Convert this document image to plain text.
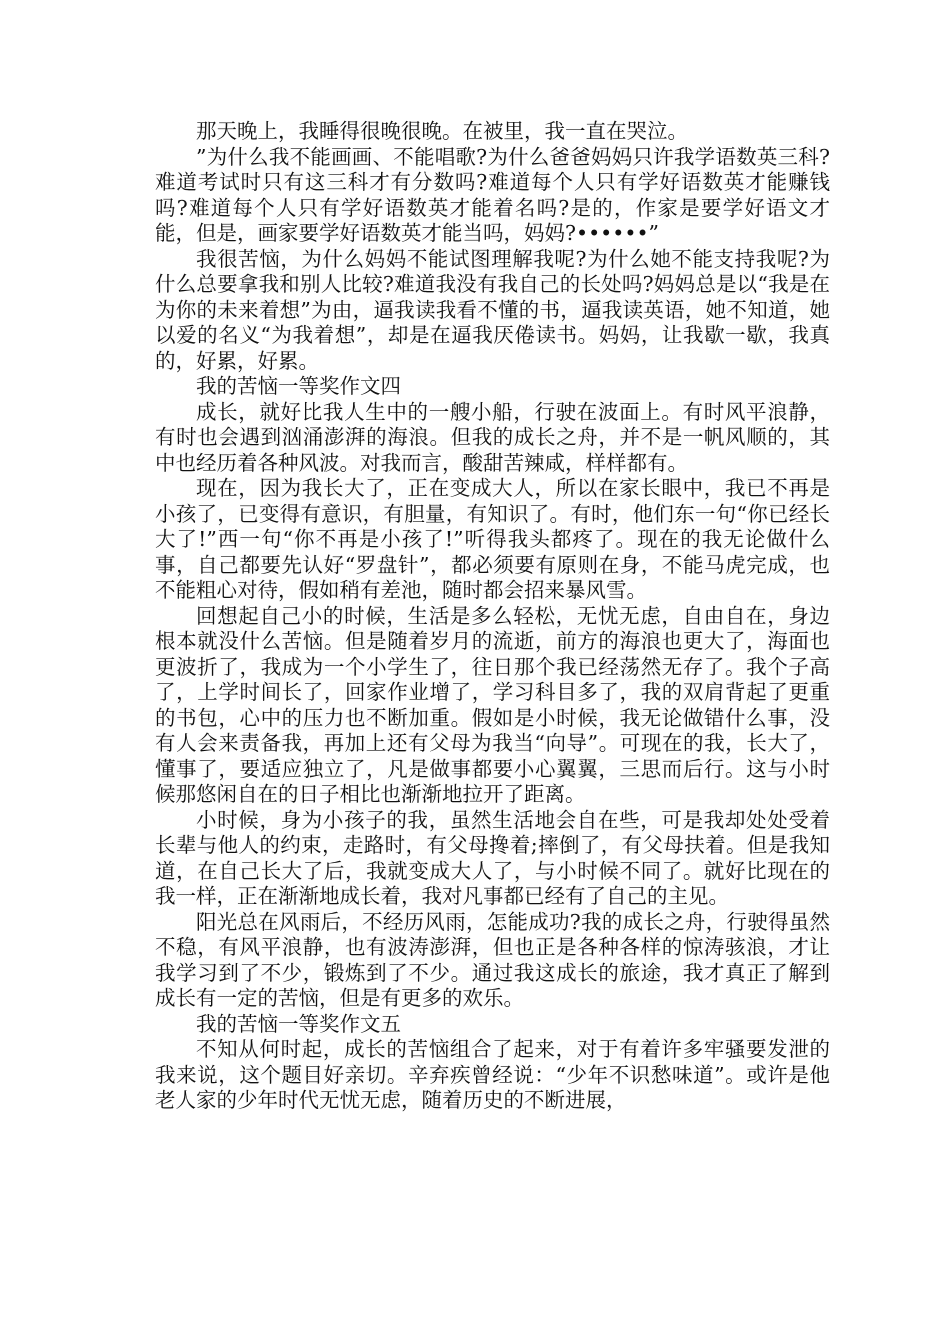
那天晚上，我睡得很晚很晚。在被里，我一直在哭泣。

”为什么我不能画画、不能唱歌?为什么爸爸妈妈只许我学语数英三科?难道考试时只有这三科才有分数吗?难道每个人只有学好语数英才能赚钱吗?难道每个人只有学好语数英才能着名吗?是的，作家是要学好语文才能，但是，画家要学好语数英才能当吗，妈妈?••••••”

我很苦恼，为什么妈妈不能试图理解我呢?为什么她不能支持我呢?为什么总要拿我和别人比较?难道我没有我自己的长处吗?妈妈总是以“我是在为你的未来着想”为由，逼我读我看不懂的书，逼我读英语，她不知道，她以爱的名义“为我着想”，却是在逼我厌倦读书。妈妈，让我歇一歇，我真的，好累，好累。

我的苦恼一等奖作文四

成长，就好比我人生中的一艘小船，行驶在波面上。有时风平浪静，有时也会遇到汹涌澎湃的海浪。但我的成长之舟，并不是一帆风顺的，其中也经历着各种风波。对我而言，酸甜苦辣咸，样样都有。

现在，因为我长大了，正在变成大人，所以在家长眼中，我已不再是小孩了，已变得有意识，有胆量，有知识了。有时，他们东一句“你已经长大了!”西一句“你不再是小孩了!”听得我头都疼了。现在的我无论做什么事，自己都要先认好“罗盘针”，都必须要有原则在身，不能马虎完成，也不能粗心对待，假如稍有差池，随时都会招来暴风雪。

回想起自己小的时候，生活是多么轻松，无忧无虑，自由自在，身边根本就没什么苦恼。但是随着岁月的流逝，前方的海浪也更大了，海面也更波折了，我成为一个小学生了，往日那个我已经荡然无存了。我个子高了，上学时间长了，回家作业增了，学习科目多了，我的双肩背起了更重的书包，心中的压力也不断加重。假如是小时候，我无论做错什么事，没有人会来责备我，再加上还有父母为我当“向导”。可现在的我，长大了，懂事了，要适应独立了，凡是做事都要小心翼翼，三思而后行。这与小时候那悠闲自在的日子相比也渐渐地拉开了距离。

小时候，身为小孩子的我，虽然生活地会自在些，可是我却处处受着长辈与他人的约束，走路时，有父母搀着;摔倒了，有父母扶着。但是我知道，在自己长大了后，我就变成大人了，与小时候不同了。就好比现在的我一样，正在渐渐地成长着，我对凡事都已经有了自己的主见。

阳光总在风雨后，不经历风雨，怎能成功?我的成长之舟，行驶得虽然不稳，有风平浪静，也有波涛澎湃，但也正是各种各样的惊涛骇浪，才让我学习到了不少，锻炼到了不少。通过我这成长的旅途，我才真正了解到成长有一定的苦恼，但是有更多的欢乐。

我的苦恼一等奖作文五

不知从何时起，成长的苦恼组合了起来，对于有着许多牢骚要发泄的我来说，这个题目好亲切。辛弃疾曾经说：“少年不识愁味道”。或许是他老人家的少年时代无忧无虑，随着历史的不断进展，
